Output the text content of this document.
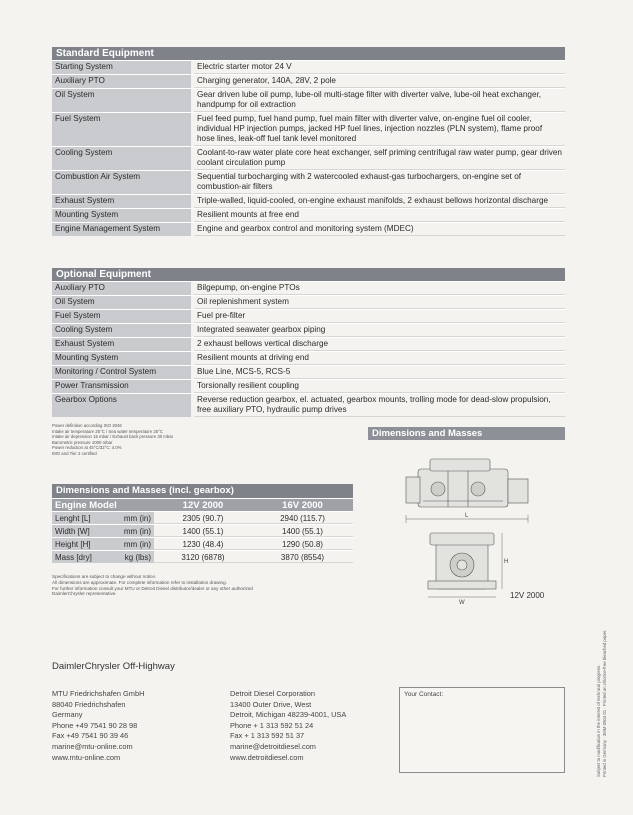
Standard Equipment
Starting System	Electric starter motor 24 V
Auxiliary PTO	Charging generator, 140A, 28V, 2 pole
Oil System	Gear driven lube oil pump, lube-oil multi-stage filter with diverter valve, lube-oil heat exchanger, handpump for oil extraction
Fuel System	Fuel feed pump, fuel hand pump, fuel main filter with diverter valve, on-engine fuel oil cooler, individual HP injection pumps, jacked HP fuel lines, injection nozzles (PLN system), flame proof hose lines, leak-off fuel tank level monitored
Cooling System	Coolant-to-raw water plate core heat exchanger, self priming centrifugal raw water pump, gear driven coolant circulation pump
Combustion Air System	Sequential turbocharging with 2 watercooled exhaust-gas turbochargers, on-engine set of combustion-air filters
Exhaust System	Triple-walled, liquid-cooled, on-engine exhaust manifolds, 2 exhaust bellows horizontal discharge
Mounting System	Resilient mounts at free end
Engine Management System	Engine and gearbox control and monitoring system (MDEC)
Optional Equipment
Auxiliary PTO	Bilgepump, on-engine PTOs
Oil System	Oil replenishment system
Fuel System	Fuel pre-filter
Cooling System	Integrated seawater gearbox piping
Exhaust System	2 exhaust bellows vertical discharge
Mounting System	Resilient mounts at driving end
Monitoring / Control System	Blue Line, MCS-5, RCS-5
Power Transmission	Torsionally resilient coupling
Gearbox Options	Reverse reduction gearbox, el. actuated, gearbox mounts, trolling mode for dead-slow propulsion, free auxiliary PTO, hydraulic pump drives
Power definition according ISO 3046
Intake air temperature 25°C / Sea water temperature 25°C
Intake air depression 15 mbar / Exhaust back pressure 30 mbar
Barometric pressure 1000 mbar
Power reduction at 45°C/32°C: 4.0%
IMO and Tier 2 certified
Dimensions and Masses
L
W
H
12V 2000
Dimensions and Masses (incl. gearbox)
Engine Model	12V 2000	16V 2000
Lenght [L]	mm (in)	2305 (90.7)	2940 (115.7)
Width [W]	mm (in)	1400 (55.1)	1400 (55.1)
Height [H]	mm (in)	1230 (48.4)	1290 (50.8)
Mass [dry]	kg (lbs)	3120 (6878)	3870 (8554)
Specifications are subject to change without notice.
All dimensions are approximate. For complete information refer to installation drawing.
For further information consult your MTU or Detroit Diesel distributor/dealer or any other authorized
DaimlerChrysler representative.
DaimlerChrysler Off-Highway
MTU Friedrichshafen GmbH
88040 Friedrichshafen
Germany
Phone +49 7541 90 28 98
Fax +49 7541 90 39 46
marine@mtu-online.com
www.mtu-online.com
Detroit Diesel Corporation
13400 Outer Drive, West
Detroit, Michigan 48239-4001, USA
Phone + 1 313 592 51 24
Fax + 1 313 592 51 37
marine@detroitdiesel.com
www.detroitdiesel.com
Your Contact:	Subject to modification in the interest of technical progress. Printed in Germany · 3MM 0504 01 · Printed on chlorine-free bleached paper.
